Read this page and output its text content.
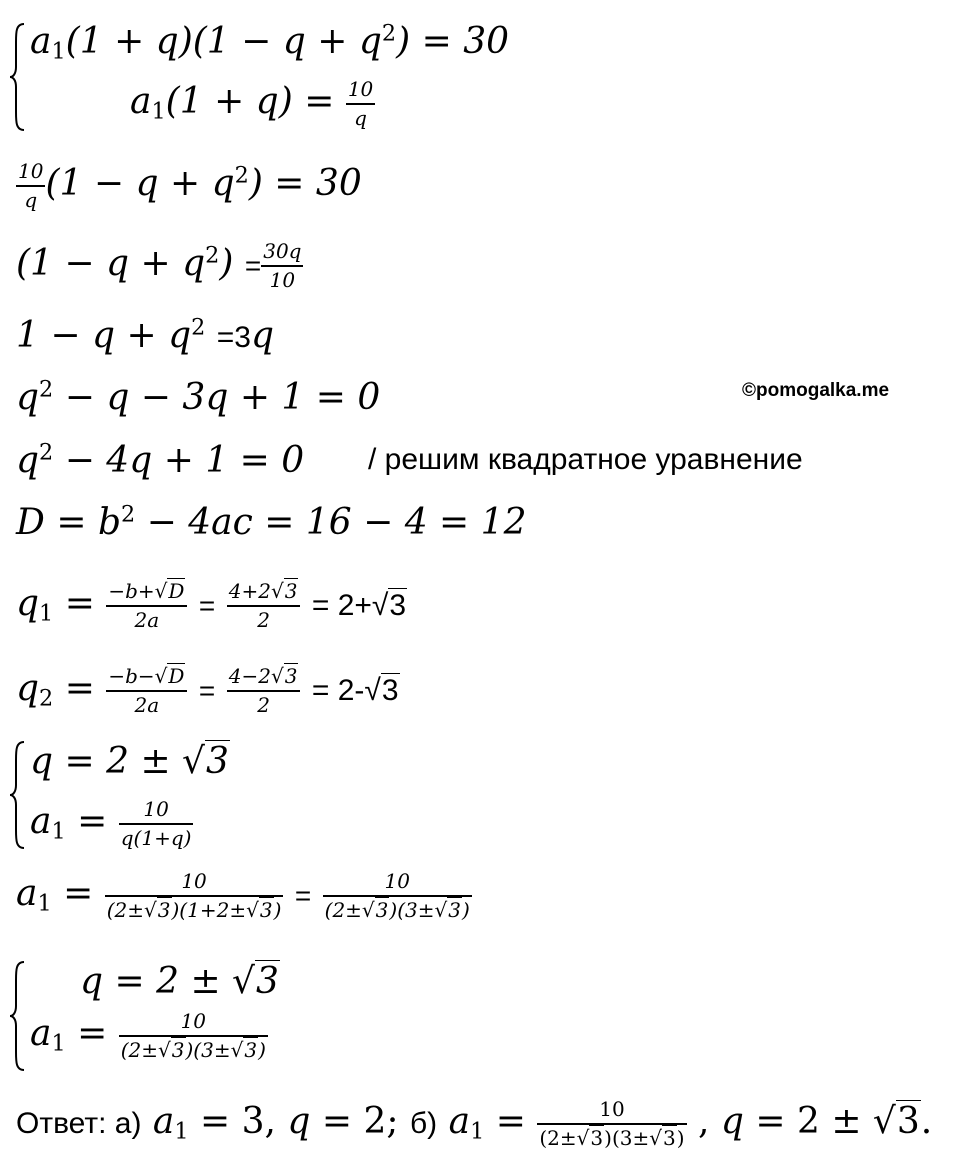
©pomogalka.me
$a_1(1 + q)(1 - q + q^2) = 30$
$a_1(1 + q) = \frac{10}{q}$
$\frac{10}{q} (1 - q + q^2) = 30$
$(1 - q + q^2) = \frac{30q}{10}$
$1 - q + q^2 =3q$
$q^2 - q - 3q + 1 = 0$
$q^2 - 4q + 1 = 0$ / решим квадратное уравнение
$D = b^2 - 4ac = 16 - 4 = 12$
$q_1 = \frac{-b+√D}{2a} = \frac{4+2√3}{2} = 2+√3$
$q_2 = \frac{-b-√D}{2a} = \frac{4-2√3}{2} = 2-√3$
q = 2 ± √3
$a_1 = \frac{10}{q(1+q)}$
$a_1 = \frac{10}{(2\pm√3)(1+2\pm√3)} = \frac{10}{(2\pm√3)(3\pm√3)}$
q = 2 ± √3
$a_1 = \frac{10}{(2\pm√3)(3\pm√3)}$
Ответ: а) $a_1 = 3$, q = 2; б) $a_1 = \frac{10}{(2\pm√3)(3\pm√3)}$ , q = 2 ± √3.
